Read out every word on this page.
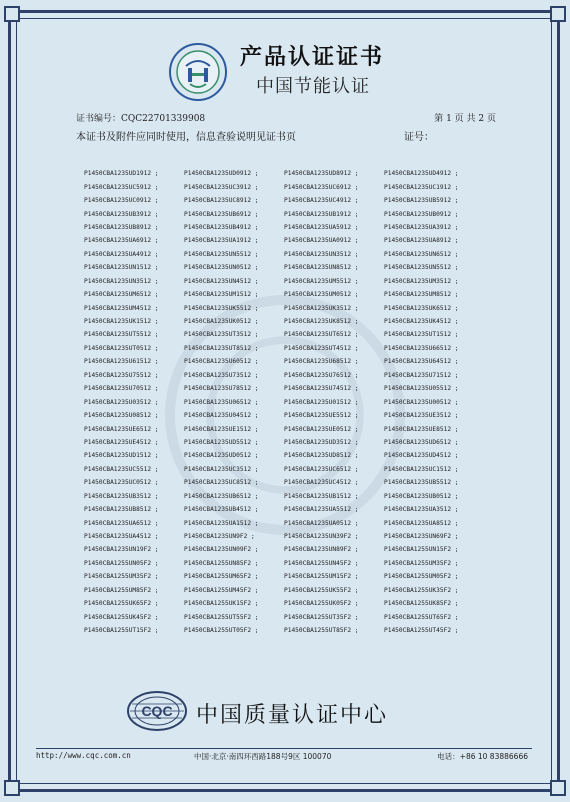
产品认证证书
中国节能认证
证书编号：CQC22701339908	第 1 页 共 2 页
本证书及附件应同时使用，信息查验说明见证书页	证号：
P1450CBA1235UD1912 ;	P1450CBA1235UD0912 ;	P1450CBA1235UD8912 ;	P1450CBA1235UD4912 ;
P1450CBA1235UC5912 ;	P1450CBA1235UC3912 ;	P1450CBA1235UC6912 ;	P1450CBA1235UC1912 ;
P1450CBA1235UC0912 ;	P1450CBA1235UC8912 ;	P1450CBA1235UC4912 ;	P1450CBA1235UB5912 ;
P1450CBA1235UB3912 ;	P1450CBA1235UB6912 ;	P1450CBA1235UB1912 ;	P1450CBA1235UB0912 ;
P1450CBA1235UB8912 ;	P1450CBA1235UB4912 ;	P1450CBA1235UA5912 ;	P1450CBA1235UA3912 ;
P1450CBA1235UA6912 ;	P1450CBA1235UA1912 ;	P1450CBA1235UA0912 ;	P1450CBA1235UA8912 ;
P1450CBA1235UA4912 ;	P1450CBA1235UN5512 ;	P1450CBA1235UN3512 ;	P1450CBA1235UN6512 ;
P1450CBA1235UN1512 ;	P1450CBA1235UN0512 ;	P1450CBA1235UN8512 ;	P1450CBA1235UN5512 ;
P1450CBA1235UN3512 ;	P1450CBA1235UN4512 ;	P1450CBA1235UM5512 ;	P1450CBA1235UM3512 ;
P1450CBA1235UM6512 ;	P1450CBA1235UM1512 ;	P1450CBA1235UM0512 ;	P1450CBA1235UM8512 ;
P1450CBA1235UM4512 ;	P1450CBA1235UK5512 ;	P1450CBA1235UK3512 ;	P1450CBA1235UK6512 ;
P1450CBA1235UK1512 ;	P1450CBA1235UK0512 ;	P1450CBA1235UK8512 ;	P1450CBA1235UK4512 ;
P1450CBA1235UT5512 ;	P1450CBA1235UT3512 ;	P1450CBA1235UT6512 ;	P1450CBA1235UT1512 ;
P1450CBA1235UT0512 ;	P1450CBA1235UT8512 ;	P1450CBA1235UT4512 ;	P1450CBA1235U66512 ;
P1450CBA1235U61512 ;	P1450CBA1235U60512 ;	P1450CBA1235U68512 ;	P1450CBA1235U64512 ;
P1450CBA1235U75512 ;	P1450CBA1235U73512 ;	P1450CBA1235U76512 ;	P1450CBA1235U71512 ;
P1450CBA1235U70512 ;	P1450CBA1235U78512 ;	P1450CBA1235U74512 ;	P1450CBA1235U05512 ;
P1450CBA1235U03512 ;	P1450CBA1235U06512 ;	P1450CBA1235U01512 ;	P1450CBA1235U00512 ;
P1450CBA1235U08512 ;	P1450CBA1235U04512 ;	P1450CBA1235UE5512 ;	P1450CBA1235UE3512 ;
P1450CBA1235UE6512 ;	P1450CBA1235UE1512 ;	P1450CBA1235UE0512 ;	P1450CBA1235UE8512 ;
P1450CBA1235UE4512 ;	P1450CBA1235UD5512 ;	P1450CBA1235UD3512 ;	P1450CBA1235UD6512 ;
P1450CBA1235UD1512 ;	P1450CBA1235UD0512 ;	P1450CBA1235UD8512 ;	P1450CBA1235UD4512 ;
P1450CBA1235UC5512 ;	P1450CBA1235UC3512 ;	P1450CBA1235UC6512 ;	P1450CBA1235UC1512 ;
P1450CBA1235UC0512 ;	P1450CBA1235UC8512 ;	P1450CBA1235UC4512 ;	P1450CBA1235UB5512 ;
P1450CBA1235UB3512 ;	P1450CBA1235UB6512 ;	P1450CBA1235UB1512 ;	P1450CBA1235UB0512 ;
P1450CBA1235UB8512 ;	P1450CBA1235UB4512 ;	P1450CBA1235UA5512 ;	P1450CBA1235UA3512 ;
P1450CBA1235UA6512 ;	P1450CBA1235UA1512 ;	P1450CBA1235UA0512 ;	P1450CBA1235UA8512 ;
P1450CBA1235UA4512 ;	P1450CBA1235UN9F2 ;	P1450CBA1235UN39F2 ;	P1450CBA1235UN69F2 ;
P1450CBA1235UN19F2 ;	P1450CBA1235UN09F2 ;	P1450CBA1235UN89F2 ;	P1450CBA1255UN15F2 ;
P1450CBA1255UN05F2 ;	P1450CBA1255UN85F2 ;	P1450CBA1255UN45F2 ;	P1450CBA1255UM35F2 ;
P1450CBA1255UM35F2 ;	P1450CBA1255UM65F2 ;	P1450CBA1255UM15F2 ;	P1450CBA1255UM05F2 ;
P1450CBA1255UM85F2 ;	P1450CBA1255UM45F2 ;	P1450CBA1255UK55F2 ;	P1450CBA1255UK35F2 ;
P1450CBA1255UK65F2 ;	P1450CBA1255UK15F2 ;	P1450CBA1255UK05F2 ;	P1450CBA1255UK85F2 ;
P1450CBA1255UK45F2 ;	P1450CBA1255UT55F2 ;	P1450CBA1255UT35F2 ;	P1450CBA1255UT65F2 ;
P1450CBA1255UT15F2 ;	P1450CBA1255UT05F2 ;	P1450CBA1255UT85F2 ;	P1450CBA1255UT45F2 ;
CQC 中国质量认证中心
http://www.cqc.com.cn	中国·北京·南四环西路188号9区 100070	电话：+86 10 83886666
